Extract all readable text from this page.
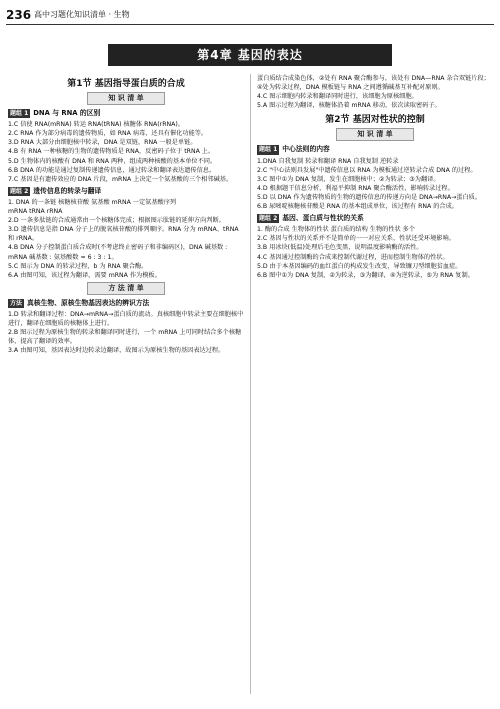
236 高中习题化知识清单 · 生物
第4章 基因的表达
第1节 基因指导蛋白质的合成
知 识 清 单
题组 1 DNA 与 RNA 的区别

1.C 信使 RNA(mRNA) 转运 RNA(tRNA) 核糖体 RNA(rRNA)。

2.C RNA 作为部分病毒的遗传物质，如 RNA 病毒，还具有催化功能等。

3.D RNA 大部分由细胞核中转录，DNA 是双链，RNA 一般是单链。

4.B 有 RNA 一种核糖的生物的遗传物质是 RNA，反密码子位于 tRNA 上。

5.D 生物体内的核酸有 DNA 和 RNA 两种，组成两种核酸的基本单位不同。

6.B DNA 的功能是通过复制传递遗传信息，通过转录和翻译表达遗传信息。

7.C 基因是有遗传效应的 DNA 片段，mRNA 上决定一个氨基酸的三个相邻碱基。

题组 2 遗传信息的转录与翻译

1. DNA 的一条链 核糖核苷酸 氨基酸 mRNA 一定氨基酸序列

mRNA tRNA rRNA

2.D 一条多肽链的合成通常由一个核糖体完成；根据图示肽链的延伸方向判断。

3.D 遗传信息是指 DNA 分子上的脱氧核苷酸的排列顺序。RNA 分为 mRNA、tRNA 和 rRNA。

4.B DNA 分子控制蛋白质合成时(不考虑终止密码子和非编码区)，DNA 碱基数 : mRNA 碱基数 : 氨基酸数 = 6 : 3 : 1。

5.C 图示为 DNA 的转录过程，b 为 RNA 聚合酶。

6.A 由图可知，该过程为翻译，需要 mRNA 作为模板。

方 法 清 单
方法 真核生物、原核生物基因表达的辨识方法

1.D 转录和翻译过程：DNA→mRNA→蛋白质的流动。真核细胞中转录主要在细胞核中进行，翻译在细胞质的核糖体上进行。

2.B 图示过程为原核生物的转录和翻译同时进行，一个 mRNA 上可同时结合多个核糖体，提高了翻译的效率。

3.A 由图可知，基因表达时边转录边翻译，故图示为原核生物的基因表达过程。

蛋白质结合成染色体，②处有 RNA 聚合酶参与，该处有 DNA—RNA 杂合双链片段；④处为转录过程，DNA 模板链与 RNA 之间遵循碱基互补配对原则。

4.C 图示细胞内转录和翻译同时进行，该细胞为原核细胞。

5.A 图示过程为翻译，核糖体沿着 mRNA 移动，依次读取密码子。

第2节 基因对性状的控制
知 识 清 单
题组 1 中心法则的内容

1.DNA 自我复制 转录和翻译 RNA 自我复制 逆转录

2.C "中心法则具发展"中遗传信息以 RNA 为模板通过逆转录合成 DNA 的过程。

3.C 图中①为 DNA 复制，发生在细胞核中；②为转录；③为翻译。

4.D 根据题干信息分析，利福平抑制 RNA 聚合酶活性，影响转录过程。

5.D 以 DNA 作为遗传物质的生物的遗传信息的传递方向是 DNA→RNA→蛋白质。

6.B 尿嘧啶核糖核苷酸是 RNA 的基本组成单位，该过程有 RNA 的合成。

题组 2 基因、蛋白质与性状的关系

1. 酶的合成 生物体的性状 蛋白质的结构 生物的性状 多个

2.C 基因与性状的关系并不是简单的一一对应关系，性状还受环境影响。

3.B 用冰块(低温)处理后毛色变黑，说明温度影响酶的活性。

4.C 基因通过控制酶的合成来控制代谢过程，进而控制生物体的性状。

5.D 由于本基因编码的血红蛋白的构成发生改变，导致镰刀型细胞贫血症。

6.B 图中①为 DNA 复制，②为转录，③为翻译，④为逆转录，⑤为 RNA 复制。
